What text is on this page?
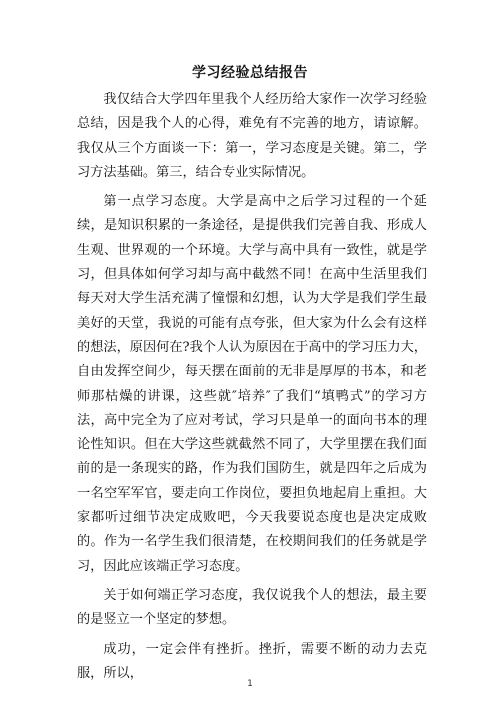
学习经验总结报告

我仅结合大学四年里我个人经历给大家作一次学习经验总结，因是我个人的心得，难免有不完善的地方，请谅解。我仅从三个方面谈一下：第一，学习态度是关键。第二，学习方法基础。第三，结合专业实际情况。

第一点学习态度。大学是高中之后学习过程的一个延续，是知识积累的一条途径，是提供我们完善自我、形成人生观、世界观的一个环境。大学与高中具有一致性，就是学习，但具体如何学习却与高中截然不同！在高中生活里我们每天对大学生活充满了憧憬和幻想，认为大学是我们学生最美好的天堂，我说的可能有点夸张，但大家为什么会有这样的想法，原因何在?我个人认为原因在于高中的学习压力大，自由发挥空间少，每天摆在面前的无非是厚厚的书本，和老师那枯燥的讲课，这些就″培养″了我们“填鸭式”的学习方法，高中完全为了应对考试，学习只是单一的面向书本的理论性知识。但在大学这些就截然不同了，大学里摆在我们面前的是一条现实的路，作为我们国防生，就是四年之后成为一名空军军官，要走向工作岗位，要担负地起肩上重担。大家都听过细节决定成败吧，今天我要说态度也是决定成败的。作为一名学生我们很清楚，在校期间我们的任务就是学习，因此应该端正学习态度。

关于如何端正学习态度，我仅说我个人的想法，最主要的是竖立一个坚定的梦想。

成功，一定会伴有挫折。挫折，需要不断的动力去克服，所以，

1
